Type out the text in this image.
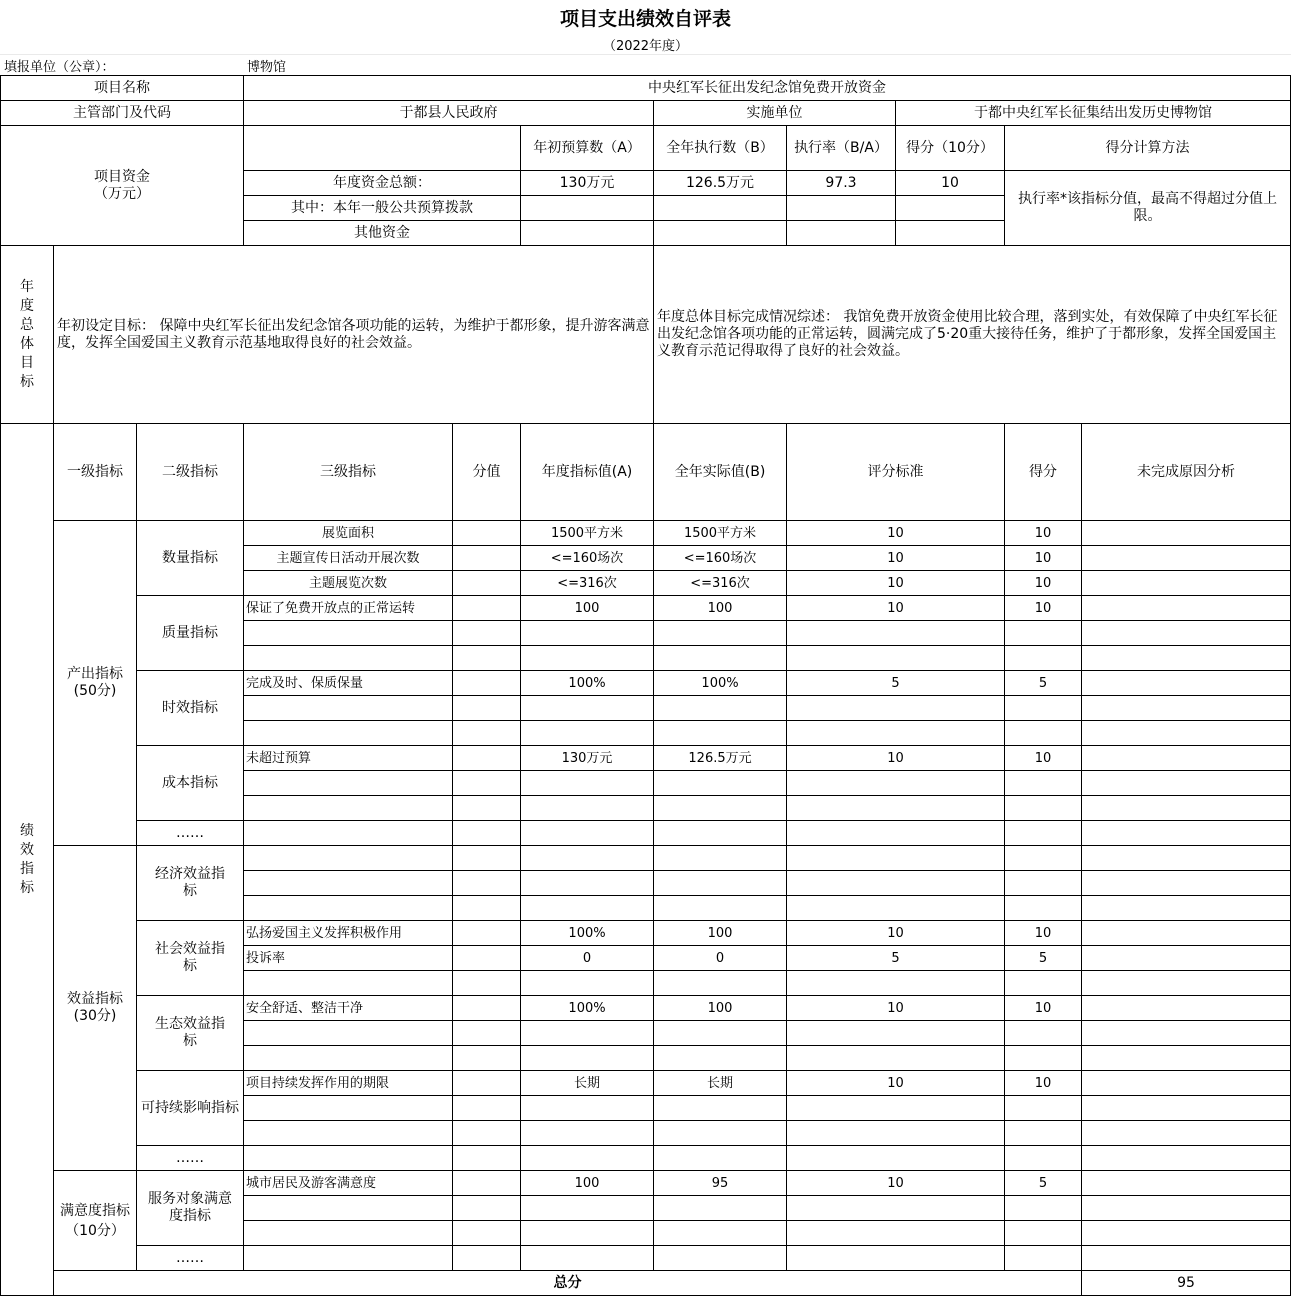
项目支出绩效自评表
（2022年度）
填报单位（公章）：	博物馆
项目名称			中央红军长征出发纪念馆免费开放资金							
主管部门及代码			于都县人民政府			实施单位		于都中央红军长征集结出发历史博物馆		
项目资金（万元）					年初预算数（A）	全年执行数（B）	执行率（B/A）	得分（10分）	得分计算方法	
			年度资金总额：		130万元	126.5万元	97.3	10	执行率*该指标分值，最高不得超过分值上限。	
			其中：本年一般公共预算拨款							
			其他资金							
年度总体目标	年初设定目标： 保障中央红军长征出发纪念馆各项功能的运转，为维护于都形象，提升游客满意度，发挥全国爱国主义教育示范基地取得良好的社会效益。					年度总体目标完成情况综述： 我馆免费开放资金使用比较合理，落到实处，有效保障了中央红军长征出发纪念馆各项功能的正常运转，圆满完成了5·20重大接待任务，维护了于都形象，发挥全国爱国主义教育示范记得取得了良好的社会效益。				
绩效指标	一级指标	二级指标	三级指标	分值	年度指标值(A)	全年实际值(B)	评分标准		得分	未完成原因分析
	产出指标(50分)	数量指标	展览面积		1500平方米	1500平方米	10		10	
			主题宣传日活动开展次数		<=160场次	<=160场次	10		10	
			主题展览次数		<=316次	<=316次	10		10	
		质量指标	保证了免费开放点的正常运转		100	100	10		10	

		时效指标	完成及时、保质保量		100%	100%	5		5	

		成本指标	未超过预算		130万元	126.5万元	10		10	

		……								
	效益指标(30分)	经济效益指标								

		社会效益指标	弘扬爱国主义发挥积极作用		100%	100	10		10	
			投诉率		0	0	5		5	

		生态效益指标	安全舒适、整洁干净		100%	100	10		10	

		可持续影响指标	项目持续发挥作用的期限		长期	长期	10		10	

		……								
	满意度指标（10分）	服务对象满意度指标	城市居民及游客满意度		100	95	10		5	

		……								
	总分									95
